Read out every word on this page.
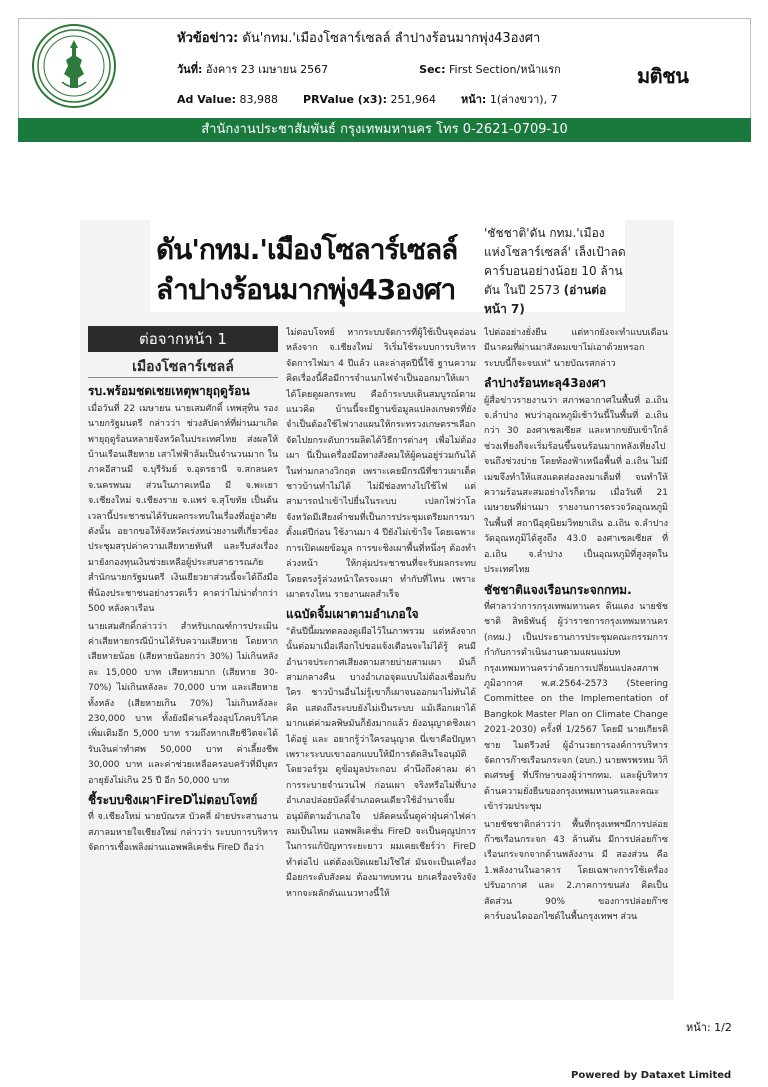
หัวข้อข่าว: ดัน'กทม.'เมืองโซลาร์เซลล์ ลำปางร้อนมากพุ่ง43องศา
วันที่: อังคาร 23 เมษายน 2567	Sec: First Section/หน้าแรก
Ad Value: 83,988 PRValue (x3): 251,964 หน้า: 1(ล่างขวา), 7
มติชน
สำนักงานประชาสัมพันธ์ กรุงเทพมหานคร โทร 0-2621-0709-10
ดัน'กทม.'เมืองโซลาร์เซลล์
ลำปางร้อนมากพุ่ง43องศา
'ชัชชาติ'ดัน กทม.'เมือง แห่งโซลาร์เซลล์' เล็งเป้าลด คาร์บอนอย่างน้อย 10 ล้านตัน ในปี 2573 (อ่านต่อหน้า 7)
ต่อจากหน้า 1
เมืองโซลาร์เซลล์
รบ.พร้อมชดเชยเหตุพายุฤดูร้อน

เมื่อวันที่ 22 เมษายน นายเสมศักดิ์ เทพสุทิน รองนายกรัฐมนตรี กล่าวว่า ช่วงสัปดาห์ที่ผ่านมาเกิดพายุฤดูร้อนหลายจังหวัดในประเทศไทย ส่งผลให้บ้านเรือนเสียหาย เสาไฟฟ้าล้มเป็นจำนวนมาก ในภาคอีสานมี จ.บุรีรัมย์ จ.อุดรธานี จ.สกลนคร จ.นครพนม ส่วนในภาคเหนือ มี จ.พะเยา จ.เชียงใหม่ จ.เชียงราย จ.แพร่ จ.สุโขทัย เป็นต้น เวลานี้ประชาชนได้รับผลกระทบในเรื่องที่อยู่อาศัย ดังนั้น อยากขอให้จังหวัดเร่งหน่วยงานที่เกี่ยวข้องประชุมสรุปค่าความเสียหายทันที และรีบส่งเรื่องมายังกองทุนเงินช่วยเหลือผู้ประสบสาธารณภัย สำนักนายกรัฐมนตรี เงินเยียวยาส่วนนี้จะได้ถึงมือพี่น้องประชาชนอย่างรวดเร็ว คาดว่าไม่น่าต่ำกว่า 500 หลังคาเรือน

นายเสมศักดิ์กล่าวว่า สำหรับเกณฑ์การประเมินค่าเสียหายกรณีบ้านได้รับความเสียหาย โดยหากเสียหายน้อย (เสียหายน้อยกว่า 30%) ไม่เกินหลังละ 15,000 บาท เสียหายมาก (เสียหาย 30-70%) ไม่เกินหลังละ 70,000 บาท และเสียหายทั้งหลัง (เสียหายเกิน 70%) ไม่เกินหลังละ 230,000 บาท ทั้งยังมีค่าเครื่องอุปโภคบริโภคเพิ่มเติมอีก 5,000 บาท รวมถึงหากเสียชีวิตจะได้รับเงินค่าทำศพ 50,000 บาท ค่าเลี้ยงชีพ 30,000 บาท และค่าช่วยเหลือครอบครัวที่มีบุตรอายุยังไม่เกิน 25 ปี อีก 50,000 บาท

ชี้ระบบชิงเผาFireDไม่ตอบโจทย์

ที่ จ.เชียงใหม่ นายบัณรส บัวคลี่ ฝ่ายประสานงานสภาลมหายใจเชียงใหม่ กล่าวว่า ระบบการบริหารจัดการเชื้อเพลิงผ่านแอพพลิเคชั่น FireD ถือว่า

ไม่ตอบโจทย์ หากระบบจัดการที่ผู้ใช้เป็นจุดอ่อน หลังจาก จ.เชียงใหม่ ริเริ่มใช้ระบบการบริหารจัดการไฟมา 4 ปีแล้ว และล่าสุดปีนี้ใช้ ฐานความคิดเรื่องนี้คือมีการจำแนกไฟจำเป็นออกมาให้เผาได้โดยดูผลกระทบ คือถ้าระบบเดินสมบูรณ์ตามแนวคิด บ้านนี้จะมีฐานข้อมูลแปลงเกษตรที่ยังจำเป็นต้องใช้ไฟวางแผนให้กระทรวงเกษตรฯเลือกจัดไปยกระดับการผลิตได้วิธีการต่างๆ เพื่อไม่ต้องเผา นี่เป็นเครื่องมือทางสังคมให้ผู้คนอยู่ร่วมกันได้ในท่ามกลางวิกฤต เพราะเคยมีกรณีที่ชาวเผาเต็ดชาวบ้านทำไม่ได้ ไม่มีช่องทางไปใช้ไฟ แต่สามารถนำเข้าไปยื่นในระบบ เปลกไฟว่าโลจังหวัดมีเสียงคำชมที่เป็นการประชุมเตรียมการมาตั้งแต่ปีก่อน ใช้งานมา 4 ปียังไม่เข้าใจ โดยเฉพาะการเปิดเผยข้อมูล การขะชิงเผาพื้นที่หนึ่งๆ ต้องทำล่วงหน้า ให้กลุ่มประชาชนที่จะรับผลกระทบโดยตรงรู้ล่วงหน้าใครจะเผา ทำกับที่ไหน เพราะ เผาตรงไหน รายงานผลสำเร็จ

แฉบัดจิ้มเผาตามอำเภอใจ

"ต้นปีนี้ผมทดลองดูเผือไว้ในภาพรวม แต่หลังจากนั้นต่อมาเมื่อเลือกไปขอแจ้งเตือนจะไม่ได้รู้ คนมีอำนาจประกาศเสียงตามสายบ่ายสามเผา มันก็สามกลางคืน บางอำเภอจุดแบบไม่ต้องเชื่อมกับใคร ชาวบ้านอื่นไม่รู้เขาก็เผาจนออกมาไม่ทันได้คิด แสดงถึงระบบยังไม่เป็นระบบ แม้เลือกเผาได้มากแต่ค่ามลพิษมันก็ยังมากแล้ว ยังอนุญาตชิงเผาได้อยู่ และ อยากรู้ว่าใครอนุญาต นี่เขาคือปัญหา เพราะระบบเขาออกแบบให้มีการตัดสินใจอนุมัติโดยวอร์รูม ดูข้อมูลประกอบ คำนึงถึงค่าลม ค่าการระบายจำนวนไฟ ก่อนเผา จริงหรือไม่ที่บางอำเภอปล่อยบัลดิ์จำเภอคนเดียวใช้อำนาจจิ้มอนุมัติตามอำเภอใจ ปลัดคนนั้นดูค่าฝุ่นค่าไฟค่าลมเป็นไหม แอพพลิเคชั่น FireD จะเป็นคุณูปการในการแก้ปัญหาระยะยาว ผมเคยเชียร์ว่า FireD ทำต่อไป แต่ต้องเปิดเผยไม่ใช่ใส่ มันจะเป็นเครื่องมือยกระดับสังคม ต้องมาทบทวน ยกเครื่องจริงจังหากจะผลักดันแนวทางนี้ให้

ไปต่ออย่างยั่งยืน แต่หากยังจะทำแบบเดือนมีนาคมที่ผ่านมาสังคมเขาไม่เอาด้วยหรอก ระบบนี้ก็จะจบเห่" นายบัณรสกล่าว

ลำปางร้อนทะลุ43องศา

ผู้สื่อข่าวรายงานว่า สภาพอากาศในพื้นที่ อ.เถิน จ.ลำปาง พบว่าอุณหภูมิเช้าวันนี้ในพื้นที่ อ.เถิน กว่า 30 องศาเซลเซียส และหากขยับเข้าใกล้ช่วงเที่ยงก็จะเริ่มร้อนขึ้นจนร้อนมากหลังเที่ยงไปจนถึงช่วงบ่าย โดยท้องฟ้าเหนือพื้นที่ อ.เถิน ไม่มีเมฆจึงทำให้แสงแดดส่องลงมาเต็มที่ จนทำให้ความร้อนสะสมอย่างไรก็ตาม เมื่อวันที่ 21 เมษายนที่ผ่านมา รายงานการตรวจวัดอุณหภูมิในพื้นที่ สถานีอุตุนิยมวิทยาเถิน อ.เถิน จ.ลำปาง วัดอุณหภูมิได้สูงถึง 43.0 องศาเซลเซียส ที่ อ.เถิน จ.ลำปาง เป็นอุณหภูมิที่สูงสุดในประเทศไทย

ชัชชาติแจงเรือนกระจกกทม.

ที่ศาลาว่าการกรุงเทพมหานคร ดินแดง นายชัชชาติ สิทธิพันธุ์ ผู้ว่าราชการกรุงเทพมหานคร (กทม.) เป็นประธานการประชุมคณะกรรมการกำกับการดำเนินงานตามแผนแม่บทกรุงเทพมหานครว่าด้วยการเปลี่ยนแปลงสภาพภูมิอากาศ พ.ศ.2564-2573 (Steering Committee on the Implementation of Bangkok Master Plan on Climate Change 2021-2030) ครั้งที่ 1/2567 โดยมี นายเกียรติชาย ไมตรีวงษ์ ผู้อำนวยการองค์การบริหารจัดการก๊าซเรือนกระจก (อบก.) นายพรพรหม วิกิตเศรษฐ์ ที่ปรึกษาของผู้ว่าฯกทม. และผู้บริหารด้านความยั่งยืนของกรุงเทพมหานครและคณะเข้าร่วมประชุม

นายชัชชาติกล่าวว่า พื้นที่กรุงเทพฯมีการปล่อยก๊าซเรือนกระจก 43 ล้านตัน มีการปล่อยก๊าซเรือนกระจกจากด้านพลังงาน มี สองส่วน คือ 1.พลังงานในอาคาร โดยเฉพาะการใช้เครื่องปรับอากาศ และ 2.ภาคการขนส่ง คิดเป็นสัดส่วน 90% ของการปล่อยก๊าซคาร์บอนไดออกไซด์ในพื้นกรุงเทพฯ ส่วน

หน้า: 1/2
Powered by Dataxet Limited
